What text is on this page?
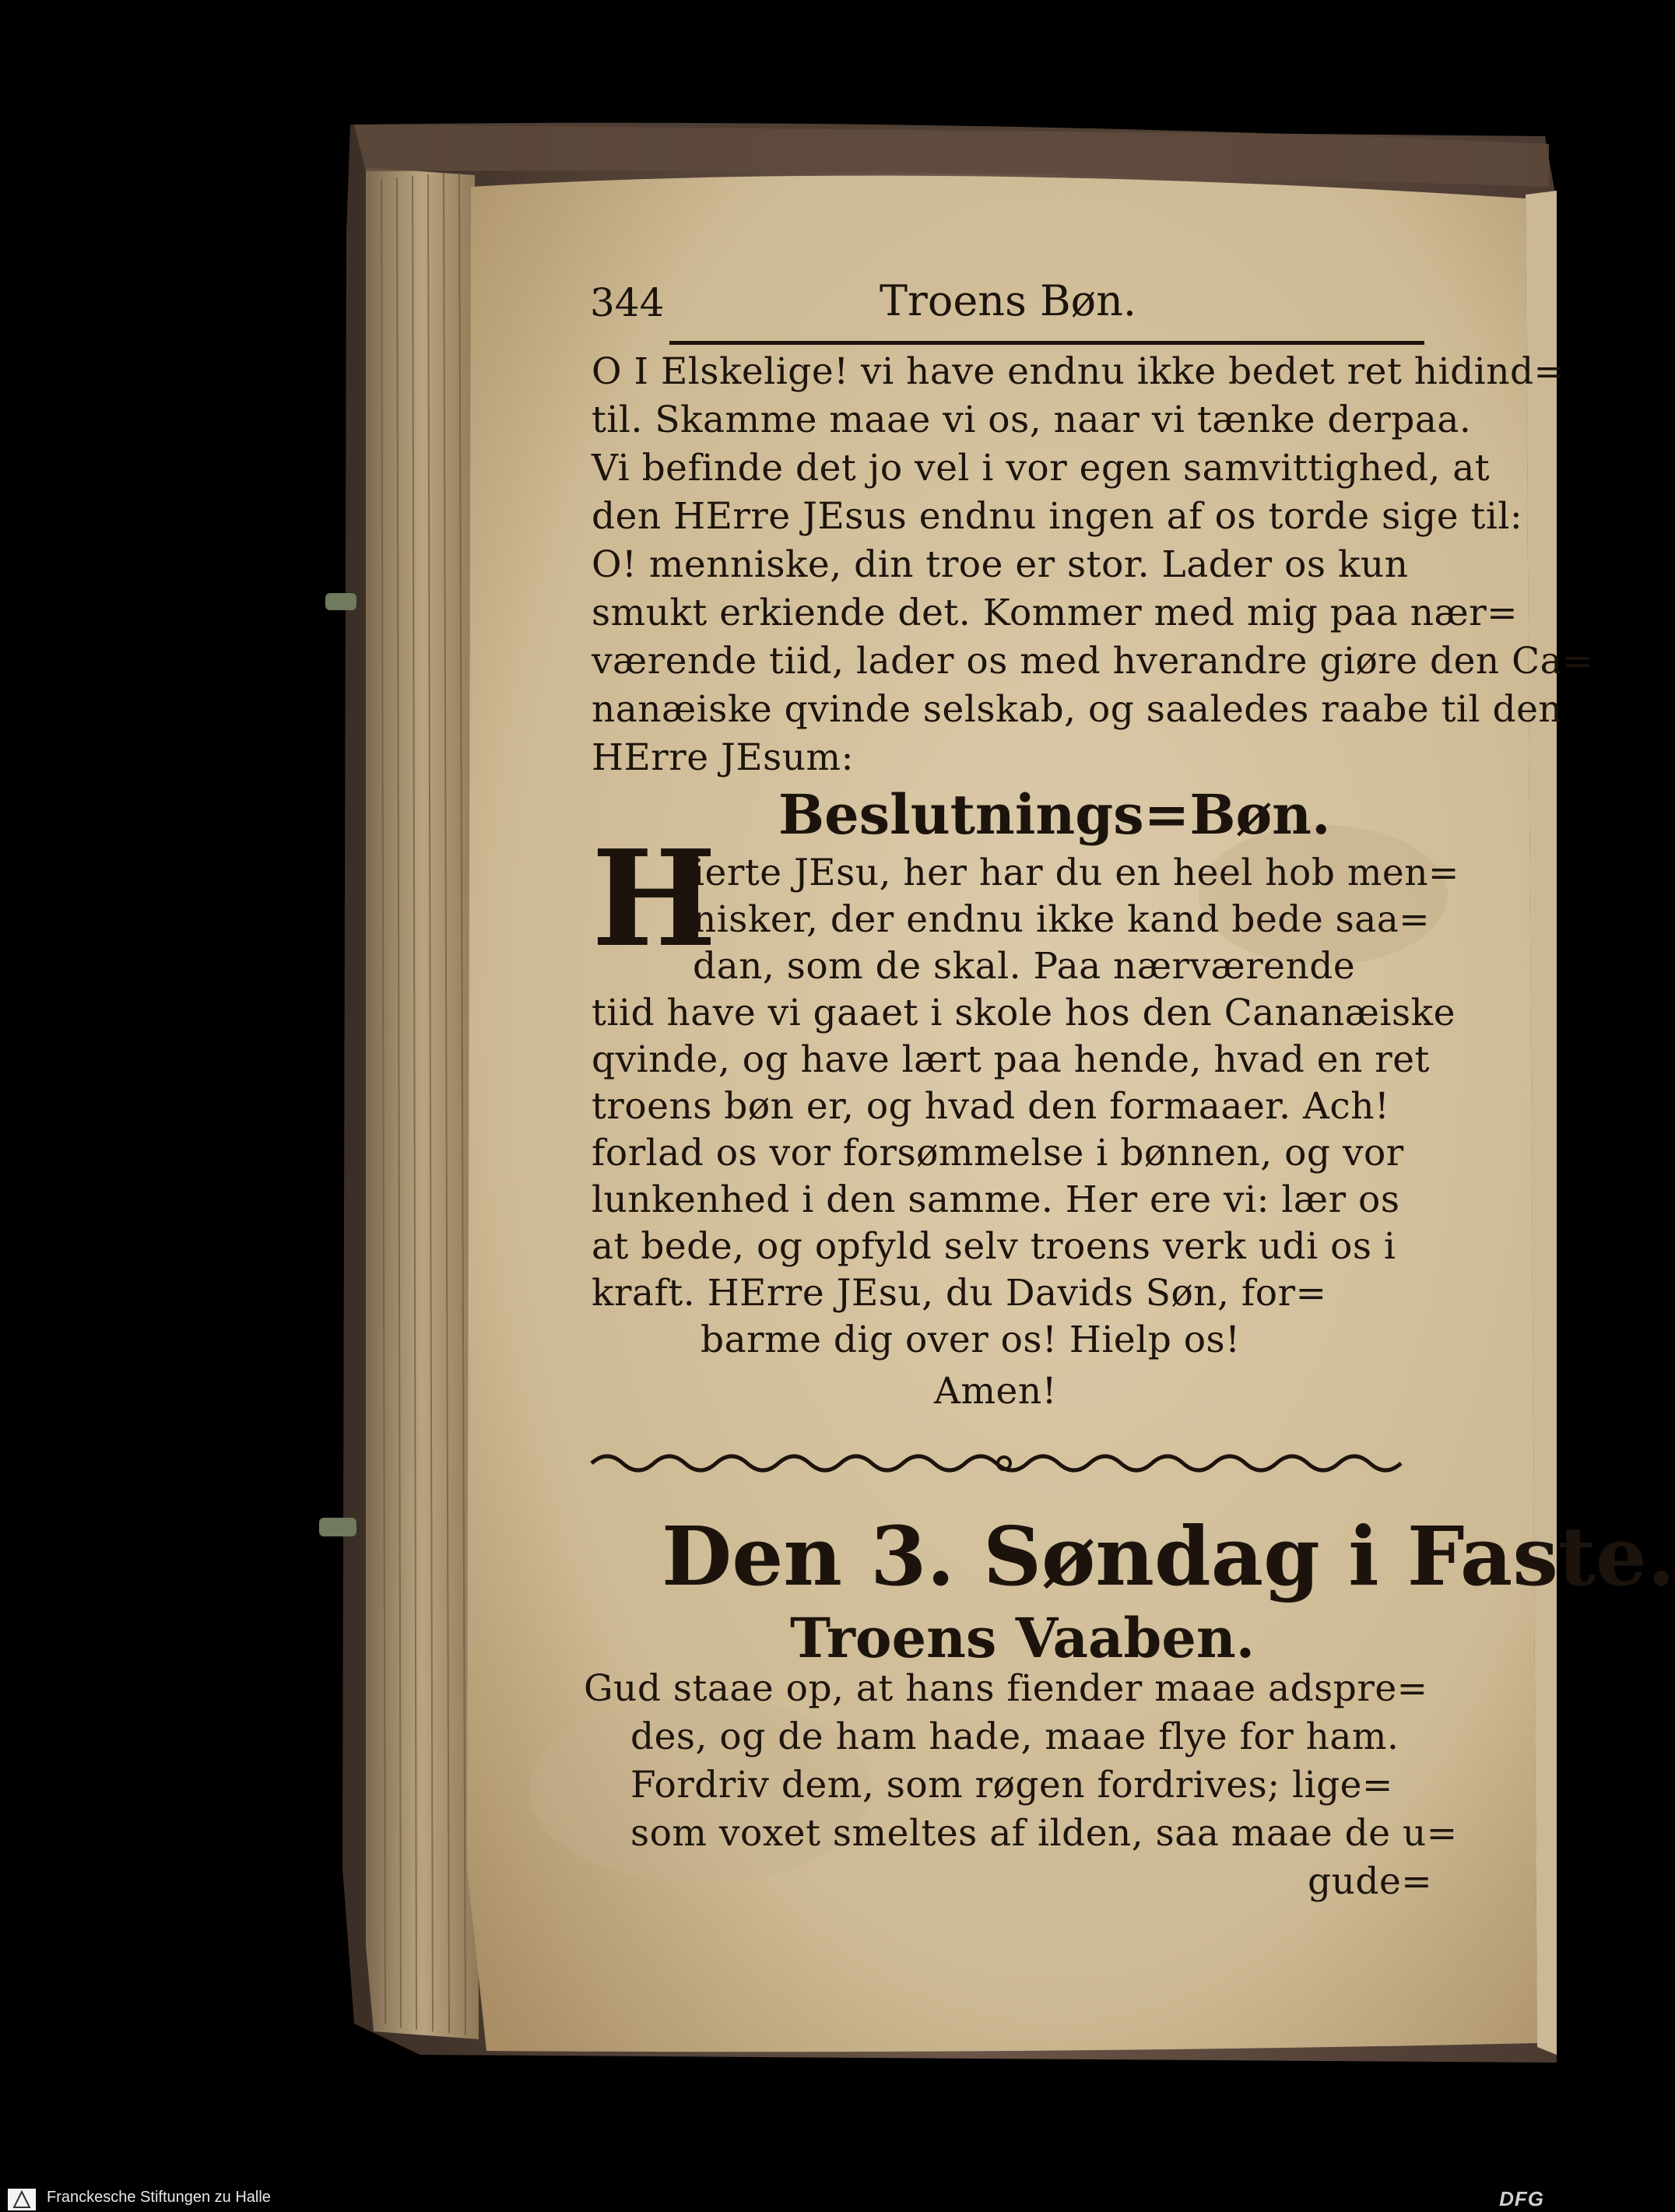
344	Troens Bøn.
O I Elskelige! vi have endnu ikke bedet ret hidind=
til. Skamme maae vi os, naar vi tænke derpaa.
Vi befinde det jo vel i vor egen samvittighed, at
den HErre JEsus endnu ingen af os torde sige til:
O! menniske, din troe er stor. Lader os kun
smukt erkiende det. Kommer med mig paa nær=
værende tiid, lader os med hverandre giøre den Ca=
nanæiske qvinde selskab, og saaledes raabe til den
HErre JEsum:
Beslutnings=Bøn.
H
ierte JEsu, her har du en heel hob men=
nisker, der endnu ikke kand bede saa=
dan, som de skal. Paa nærværende
tiid have vi gaaet i skole hos den Cananæiske
qvinde, og have lært paa hende, hvad en ret
troens bøn er, og hvad den formaaer. Ach!
forlad os vor forsømmelse i bønnen, og vor
lunkenhed i den samme. Her ere vi: lær os
at bede, og opfyld selv troens verk udi os i
kraft. HErre JEsu, du Davids Søn, for=
barme dig over os! Hielp os!
Amen!
Den 3. Søndag i Faste.
Troens Vaaben.
Gud staae op, at hans fiender maae adspre=
des, og de ham hade, maae flye for ham.
Fordriv dem, som røgen fordrives; lige=
som voxet smeltes af ilden, saa maae de u=
gude=
Franckesche Stiftungen zu Halle	DFG
